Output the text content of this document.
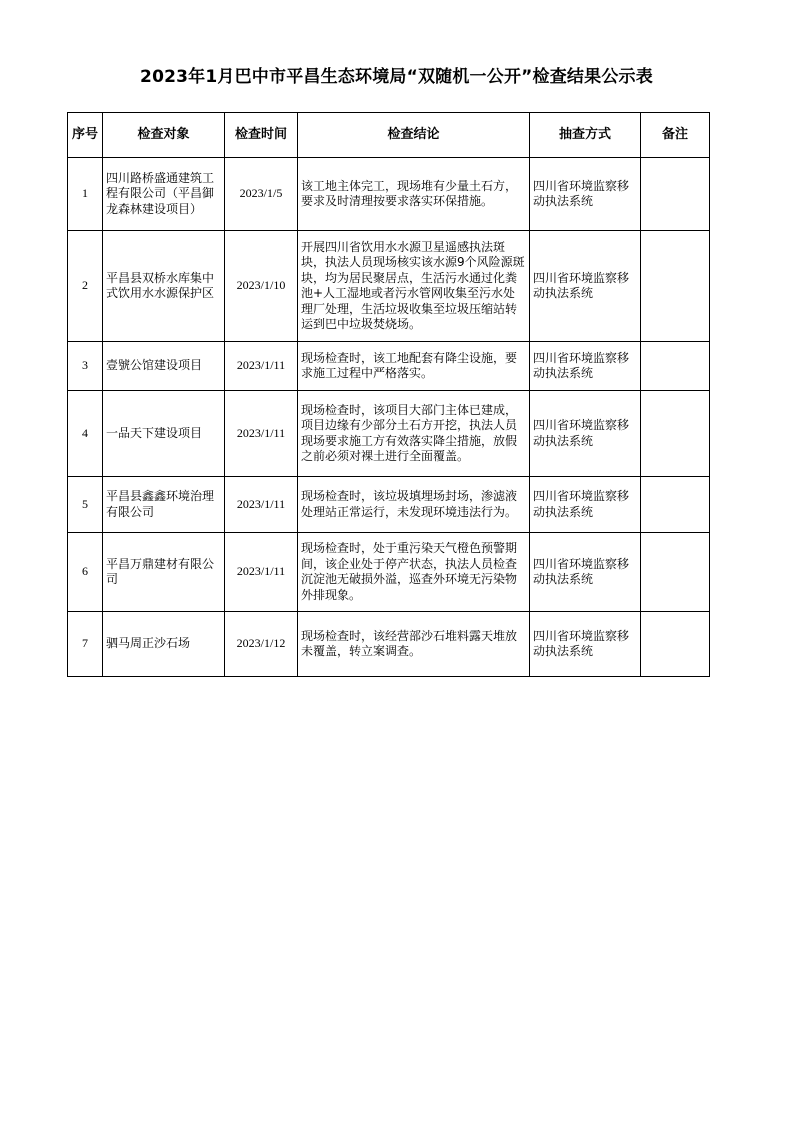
2023年1月巴中市平昌生态环境局“双随机一公开”检查结果公示表
序号	检查对象	检查时间	检查结论	抽查方式	备注
1	四川路桥盛通建筑工程有限公司（平昌御龙森林建设项目）	2023/1/5	该工地主体完工，现场堆有少量土石方，要求及时清理按要求落实环保措施。	四川省环境监察移动执法系统	
2	平昌县双桥水库集中式饮用水水源保护区	2023/1/10	开展四川省饮用水水源卫星遥感执法斑块，执法人员现场核实该水源9个风险源斑块，均为居民聚居点，生活污水通过化粪池+人工湿地或者污水管网收集至污水处理厂处理，生活垃圾收集至垃圾压缩站转运到巴中垃圾焚烧场。	四川省环境监察移动执法系统	
3	壹號公馆建设项目	2023/1/11	现场检查时，该工地配套有降尘设施，要求施工过程中严格落实。	四川省环境监察移动执法系统	
4	一品天下建设项目	2023/1/11	现场检查时，该项目大部门主体已建成，项目边缘有少部分土石方开挖，执法人员现场要求施工方有效落实降尘措施，放假之前必须对裸土进行全面覆盖。	四川省环境监察移动执法系统	
5	平昌县鑫鑫环境治理有限公司	2023/1/11	现场检查时，该垃圾填埋场封场，渗滤液处理站正常运行，未发现环境违法行为。	四川省环境监察移动执法系统	
6	平昌万鼎建材有限公司	2023/1/11	现场检查时，处于重污染天气橙色预警期间，该企业处于停产状态，执法人员检查沉淀池无破损外溢，巡查外环境无污染物外排现象。	四川省环境监察移动执法系统	
7	驷马周正沙石场	2023/1/12	现场检查时，该经营部沙石堆料露天堆放未覆盖，转立案调查。	四川省环境监察移动执法系统	
